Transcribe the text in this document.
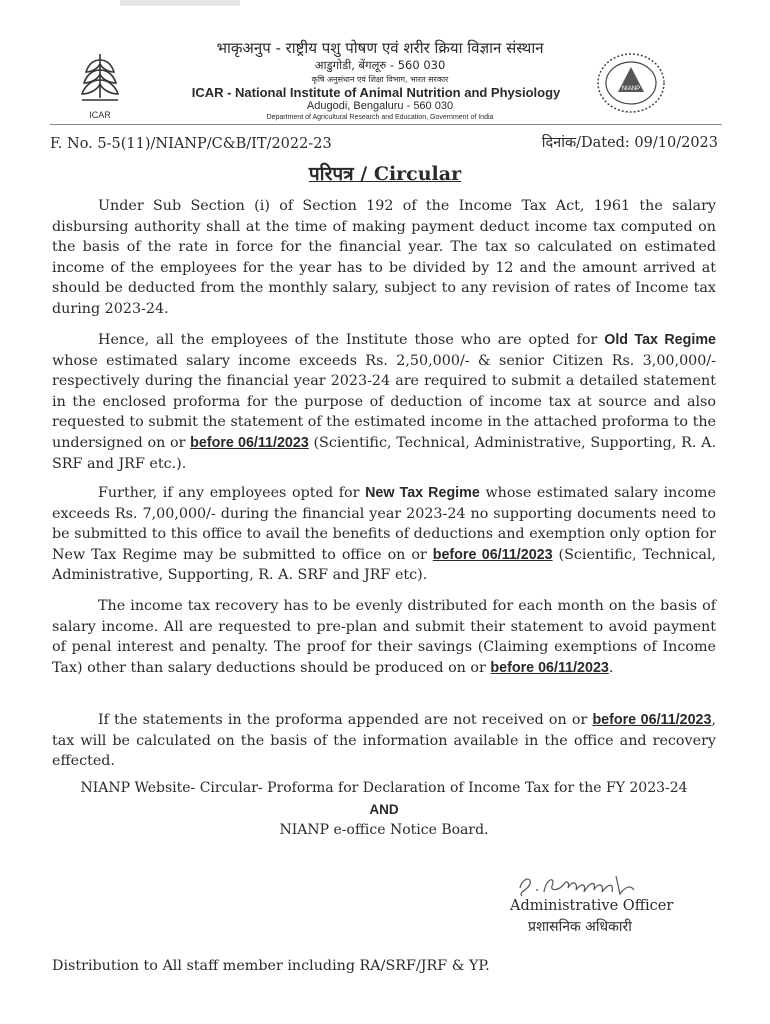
ICAR
NIANP
भाकृअनुप - राष्ट्रीय पशु पोषण एवं शरीर क्रिया विज्ञान संस्थान
आडुगोडी, बेंगलूरु - 560 030
कृषि अनुसंधान एवं शिक्षा विभाग, भारत सरकार
ICAR - National Institute of Animal Nutrition and Physiology
Adugodi, Bengaluru - 560 030
Department of Agricultural Research and Education, Government of India
F. No. 5-5(11)/NIANP/C&B/IT/2022-23	दिनांक/Dated: 09/10/2023
परिपत्र / Circular

Under Sub Section (i) of Section 192 of the Income Tax Act, 1961 the salary disbursing authority shall at the time of making payment deduct income tax computed on the basis of the rate in force for the financial year. The tax so calculated on estimated income of the employees for the year has to be divided by 12 and the amount arrived at should be deducted from the monthly salary, subject to any revision of rates of Income tax during 2023-24.

Hence, all the employees of the Institute those who are opted for Old Tax Regime whose estimated salary income exceeds Rs. 2,50,000/- & senior Citizen Rs. 3,00,000/- respectively during the financial year 2023-24 are required to submit a detailed statement in the enclosed proforma for the purpose of deduction of income tax at source and also requested to submit the statement of the estimated income in the attached proforma to the undersigned on or before 06/11/2023 (Scientific, Technical, Administrative, Supporting, R. A. SRF and JRF etc.).

Further, if any employees opted for New Tax Regime whose estimated salary income exceeds Rs. 7,00,000/- during the financial year 2023-24 no supporting documents need to be submitted to this office to avail the benefits of deductions and exemption only option for New Tax Regime may be submitted to office on or before 06/11/2023 (Scientific, Technical, Administrative, Supporting, R. A. SRF and JRF etc).

The income tax recovery has to be evenly distributed for each month on the basis of salary income. All are requested to pre-plan and submit their statement to avoid payment of penal interest and penalty. The proof for their savings (Claiming exemptions of Income Tax) other than salary deductions should be produced on or before 06/11/2023.

If the statements in the proforma appended are not received on or before 06/11/2023, tax will be calculated on the basis of the information available in the office and recovery effected.

NIANP Website- Circular- Proforma for Declaration of Income Tax for the FY 2023-24
AND
NIANP e-office Notice Board.
Administrative Officer
प्रशासनिक अधिकारी
Distribution to All staff member including RA/SRF/JRF & YP.
